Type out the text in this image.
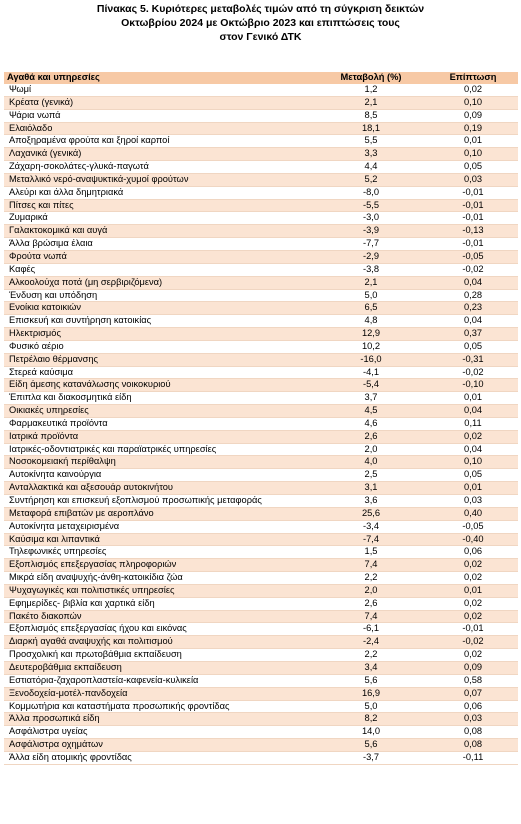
Πίνακας 5. Κυριότερες μεταβολές τιμών από τη σύγκριση δεικτών
Οκτωβρίου 2024 με Οκτώβριο 2023 και επιπτώσεις τους
στον Γενικό ΔΤΚ
Αγαθά και υπηρεσίες	Μεταβολή (%)	Επίπτωση
Ψωμί	1,2	0,02
Κρέατα (γενικά)	2,1	0,10
Ψάρια νωπά	8,5	0,09
Ελαιόλαδο	18,1	0,19
Αποξηραμένα φρούτα και ξηροί καρποί	5,5	0,01
Λαχανικά (γενικά)	3,3	0,10
Ζάχαρη-σοκολάτες-γλυκά-παγωτά	4,4	0,05
Μεταλλικό νερό-αναψυκτικά-χυμοί φρούτων	5,2	0,03
Αλεύρι και άλλα δημητριακά	-8,0	-0,01
Πίτσες και πίτες	-5,5	-0,01
Ζυμαρικά	-3,0	-0,01
Γαλακτοκομικά και αυγά	-3,9	-0,13
Άλλα βρώσιμα έλαια	-7,7	-0,01
Φρούτα νωπά	-2,9	-0,05
Καφές	-3,8	-0,02
Αλκοολούχα ποτά (μη σερβιριζόμενα)	2,1	0,04
Ένδυση και υπόδηση	5,0	0,28
Ενοίκια κατοικιών	6,5	0,23
Επισκευή και συντήρηση κατοικίας	4,8	0,04
Ηλεκτρισμός	12,9	0,37
Φυσικό αέριο	10,2	0,05
Πετρέλαιο θέρμανσης	-16,0	-0,31
Στερεά καύσιμα	-4,1	-0,02
Είδη άμεσης κατανάλωσης νοικοκυριού	-5,4	-0,10
Έπιπλα και διακοσμητικά είδη	3,7	0,01
Οικιακές υπηρεσίες	4,5	0,04
Φαρμακευτικά προϊόντα	4,6	0,11
Ιατρικά προϊόντα	2,6	0,02
Ιατρικές-οδοντιατρικές και παραϊατρικές υπηρεσίες	2,0	0,04
Νοσοκομειακή περίθαλψη	4,0	0,10
Αυτοκίνητα καινούργια	2,5	0,05
Ανταλλακτικά και αξεσουάρ αυτοκινήτου	3,1	0,01
Συντήρηση και επισκευή εξοπλισμού προσωπικής μεταφοράς	3,6	0,03
Μεταφορά επιβατών με αεροπλάνο	25,6	0,40
Αυτοκίνητα μεταχειρισμένα	-3,4	-0,05
Καύσιμα και λιπαντικά	-7,4	-0,40
Τηλεφωνικές υπηρεσίες	1,5	0,06
Εξοπλισμός επεξεργασίας πληροφοριών	7,4	0,02
Μικρά είδη αναψυχής-άνθη-κατοικίδια ζώα	2,2	0,02
Ψυχαγωγικές και πολιτιστικές υπηρεσίες	2,0	0,01
Εφημερίδες- βιβλία και χαρτικά είδη	2,6	0,02
Πακέτο διακοπών	7,4	0,02
Εξοπλισμός επεξεργασίας ήχου και εικόνας	-6,1	-0,01
Διαρκή αγαθά αναψυχής και πολιτισμού	-2,4	-0,02
Προσχολική και πρωτοβάθμια εκπαίδευση	2,2	0,02
Δευτεροβάθμια εκπαίδευση	3,4	0,09
Εστιατόρια-ζαχαροπλαστεία-καφενεία-κυλικεία	5,6	0,58
Ξενοδοχεία-μοτέλ-πανδοχεία	16,9	0,07
Κομμωτήρια και καταστήματα προσωπικής φροντίδας	5,0	0,06
Άλλα προσωπικά είδη	8,2	0,03
Ασφάλιστρα υγείας	14,0	0,08
Ασφάλιστρα οχημάτων	5,6	0,08
Άλλα είδη ατομικής φροντίδας	-3,7	-0,11
